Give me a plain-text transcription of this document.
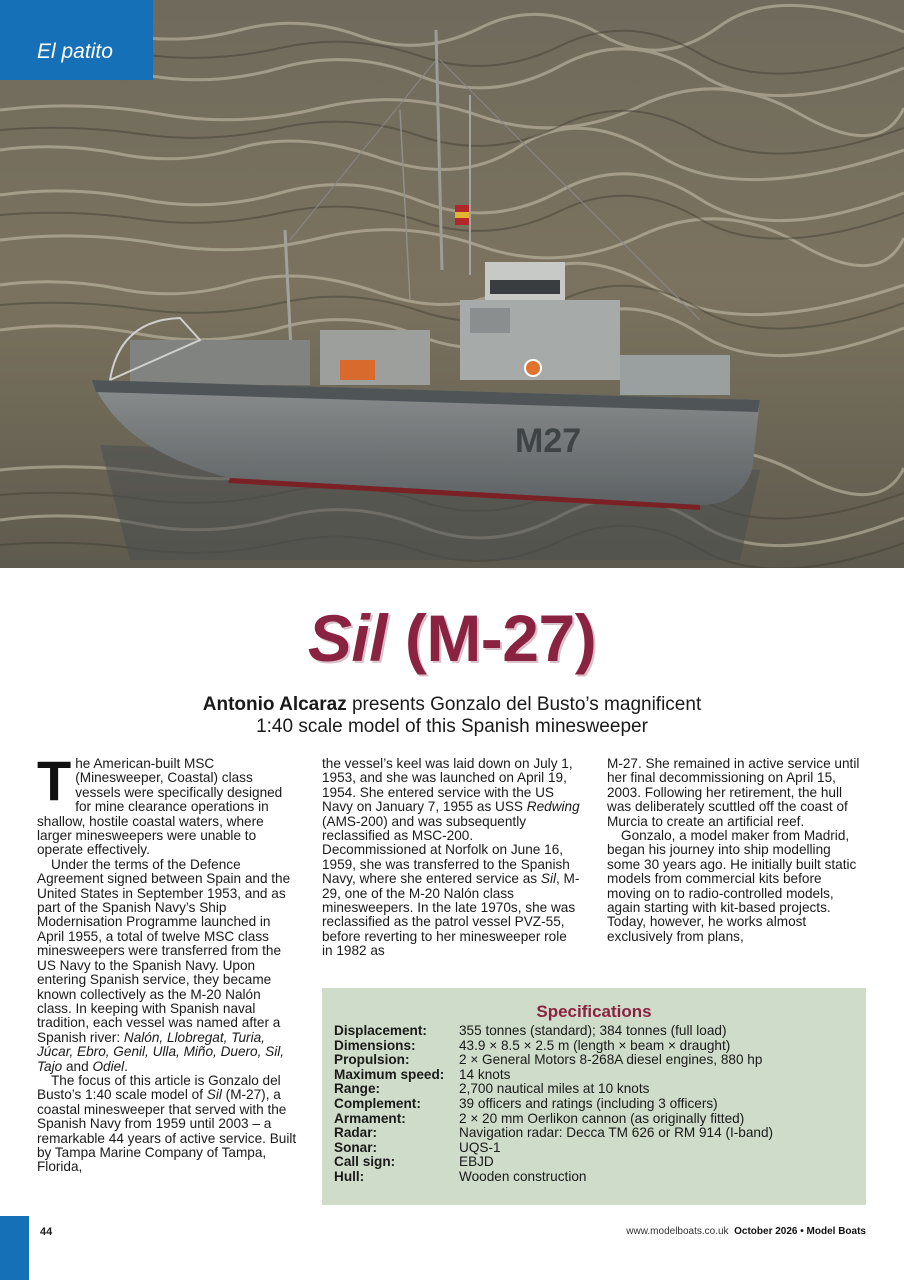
M27
El patito
Sil (M-27)
Antonio Alcaraz presents Gonzalo del Busto’s magnificent
1:40 scale model of this Spanish minesweeper

The American-built MSC (Minesweeper, Coastal) class vessels were specifically designed for mine clearance operations in shallow, hostile coastal waters, where larger minesweepers were unable to operate effectively.

Under the terms of the Defence Agreement signed between Spain and the United States in September 1953, and as part of the Spanish Navy’s Ship Modernisation Programme launched in April 1955, a total of twelve MSC class minesweepers were transferred from the US Navy to the Spanish Navy. Upon entering Spanish service, they became known collectively as the M-20 Nalón class. In keeping with Spanish naval tradition, each vessel was named after a Spanish river: Nalón, Llobregat, Turia, Júcar, Ebro, Genil, Ulla, Miño, Duero, Sil, Tajo and Odiel.

The focus of this article is Gonzalo del Busto’s 1:40 scale model of Sil (M-27), a coastal minesweeper that served with the Spanish Navy from 1959 until 2003 – a remarkable 44 years of active service. Built by Tampa Marine Company of Tampa, Florida,

the vessel’s keel was laid down on July 1, 1953, and she was launched on April 19, 1954. She entered service with the US Navy on January 7, 1955 as USS Redwing (AMS-200) and was subsequently reclassified as MSC-200. Decommissioned at Norfolk on June 16, 1959, she was transferred to the Spanish Navy, where she entered service as Sil, M-29, one of the M-20 Nalón class minesweepers. In the late 1970s, she was reclassified as the patrol vessel PVZ-55, before reverting to her minesweeper role in 1982 as

M-27. She remained in active service until her final decommissioning on April 15, 2003. Following her retirement, the hull was deliberately scuttled off the coast of Murcia to create an artificial reef.

Gonzalo, a model maker from Madrid, began his journey into ship modelling some 30 years ago. He initially built static models from commercial kits before moving on to radio-controlled models, again starting with kit-based projects. Today, however, he works almost exclusively from plans,

Specifications
Displacement:	355 tonnes (standard); 384 tonnes (full load)
Dimensions:	43.9 × 8.5 × 2.5 m (length × beam × draught)
Propulsion:	2 × General Motors 8-268A diesel engines, 880 hp
Maximum speed:	14 knots
Range:	2,700 nautical miles at 10 knots
Complement:	39 officers and ratings (including 3 officers)
Armament:	2 × 20 mm Oerlikon cannon (as originally fitted)
Radar:	Navigation radar: Decca TM 626 or RM 914 (I-band)
Sonar:	UQS-1
Call sign:	EBJD
Hull:	Wooden construction
44	www.modelboats.co.uk October 2026 • Model Boats
